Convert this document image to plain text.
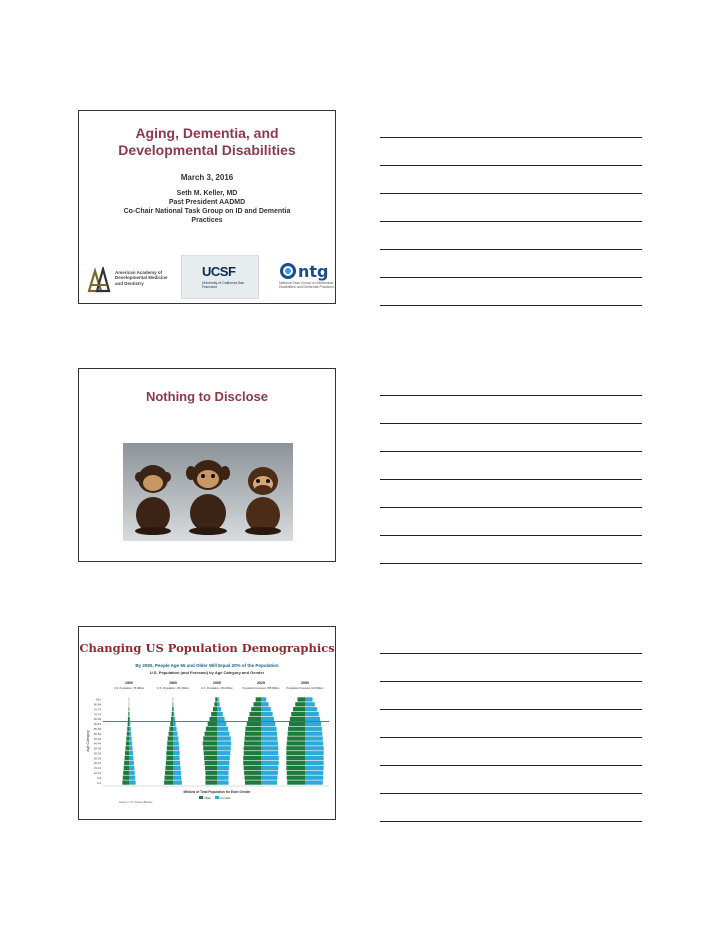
Aging, Dementia, and
Developmental Disabilities
March 3, 2016
Seth M. Keller, MD
Past President AADMD
Co-Chair National Task Group on ID and Dementia
Practices
American Academy of Developmental Medicine and Dentistry
UCSF
University of California San Francisco
ntg
National Task Group on Intellectual Disabilities and Dementia Practices
Nothing to Disclose
Changing US Population Demographics
By 2050, People Age 65 and Older Will Equal 20% of the Population
U.S. Population (and Forecast) by Age Category and Gender
Age Category
0-4
5-9
10-14
15-19
20-24
25-29
30-34
35-39
40-44
45-49
50-54
55-59
60-64
65-69
70-74
75-79
80-84
85+
1900
U.S. Population: 76 Million
1960
U.S. Population: 181 Million
2000
U.S. Population: 281 Million
2025
Population Forecast: 358 Million
2050
Population Forecast: 420 Million
Millions of Total Population for Each Gender
Male	Female
Source: U.S. Census Bureau
